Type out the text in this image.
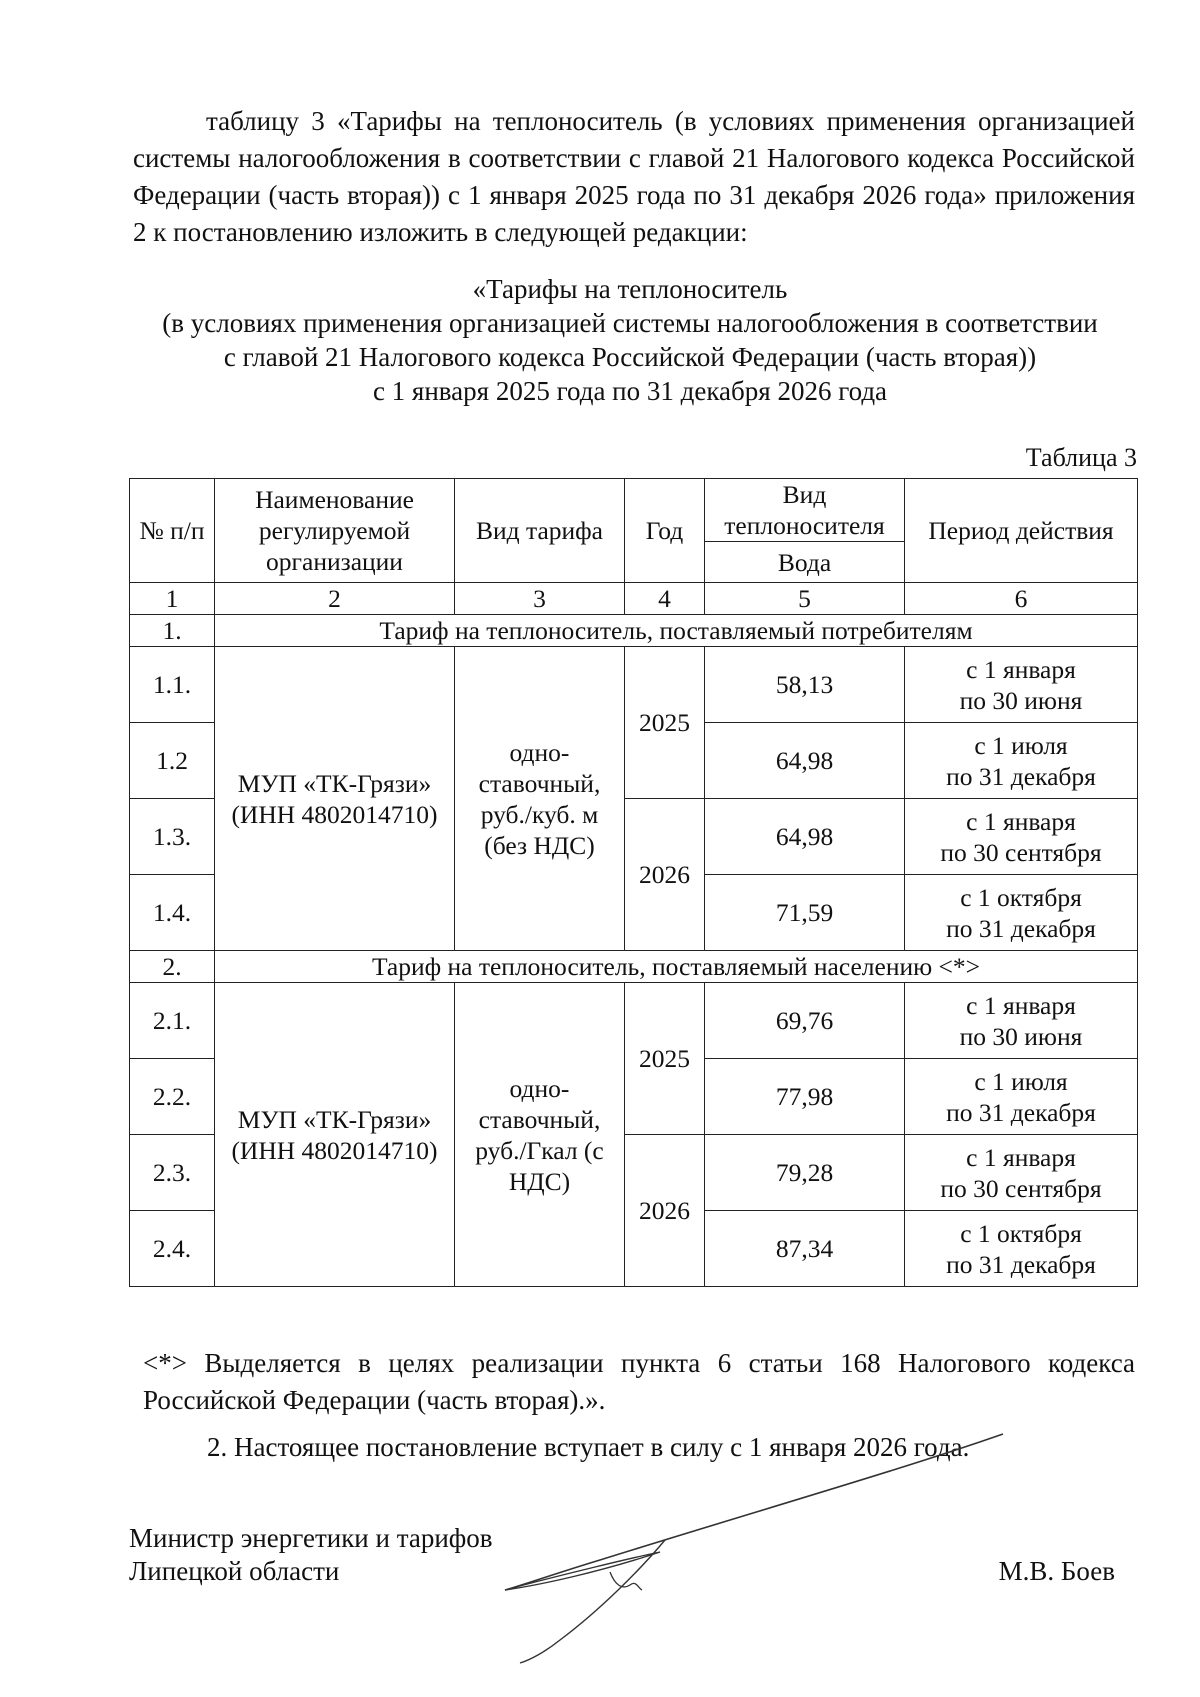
таблицу 3 «Тарифы на теплоноситель (в условиях применения организацией системы налогообложения в соответствии с главой 21 Налогового кодекса Российской Федерации (часть вторая)) с 1 января 2025 года по 31 декабря 2026 года» приложения 2 к постановлению изложить в следующей редакции:

«Тарифы на теплоноситель
(в условиях применения организацией системы налогообложения в соответствии
с главой 21 Налогового кодекса Российской Федерации (часть вторая))
с 1 января 2025 года по 31 декабря 2026 года
Таблица 3
№ п/п	Наименование регулируемой организации	Вид тарифа	Год	Вид теплоносителя	Период действия
				Вода	
1	2	3	4	5	6
1.	Тариф на теплоноситель, поставляемый потребителям				
1.1.	МУП «ТК-Грязи» (ИНН 4802014710)	одно-ставочный, руб./куб. м (без НДС)	2025	58,13	с 1 января
по 30 июня

1.2				64,98	с 1 июля
по 31 декабря

1.3.			2026	64,98	с 1 января
по 30 сентября

1.4.				71,59	с 1 октября
по 31 декабря

2.	Тариф на теплоноситель, поставляемый населению <*>				
2.1.	МУП «ТК-Грязи» (ИНН 4802014710)	одно-ставочный, руб./Гкал (с НДС)	2025	69,76	с 1 января
по 30 июня

2.2.				77,98	с 1 июля
по 31 декабря

2.3.			2026	79,28	с 1 января
по 30 сентября

2.4.				87,34	с 1 октября
по 31 декабря

<*> Выделяется в целях реализации пункта 6 статьи 168 Налогового кодекса Российской Федерации (часть вторая).».

2. Настоящее постановление вступает в силу с 1 января 2026 года.

Министр энергетики и тарифов
Липецкой области	М.В. Боев
